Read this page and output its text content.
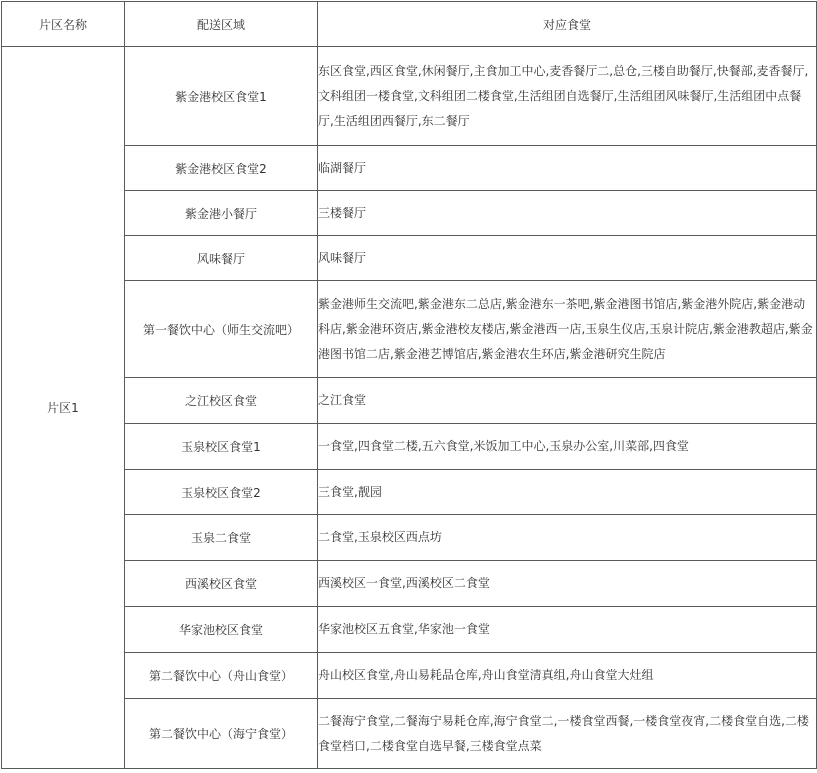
片区名称	配送区域	对应食堂
片区1	紫金港校区食堂1	东区食堂,西区食堂,休闲餐厅,主食加工中心,麦香餐厅二,总仓,三楼自助餐厅,快餐部,麦香餐厅,文科组团一楼食堂,文科组团二楼食堂,生活组团自选餐厅,生活组团风味餐厅,生活组团中点餐厅,生活组团西餐厅,东二餐厅
	紫金港校区食堂2	临湖餐厅
	紫金港小餐厅	三楼餐厅
	风味餐厅	风味餐厅
	第一餐饮中心（师生交流吧）	紫金港师生交流吧,紫金港东二总店,紫金港东一茶吧,紫金港图书馆店,紫金港外院店,紫金港动科店,紫金港环资店,紫金港校友楼店,紫金港西一店,玉泉生仪店,玉泉计院店,紫金港教超店,紫金港图书馆二店,紫金港艺博馆店,紫金港农生环店,紫金港研究生院店
	之江校区食堂	之江食堂
	玉泉校区食堂1	一食堂,四食堂二楼,五六食堂,米饭加工中心,玉泉办公室,川菜部,四食堂
	玉泉校区食堂2	三食堂,靓园
	玉泉二食堂	二食堂,玉泉校区西点坊
	西溪校区食堂	西溪校区一食堂,西溪校区二食堂
	华家池校区食堂	华家池校区五食堂,华家池一食堂
	第二餐饮中心（舟山食堂）	舟山校区食堂,舟山易耗品仓库,舟山食堂清真组,舟山食堂大灶组
	第二餐饮中心（海宁食堂）	二餐海宁食堂,二餐海宁易耗仓库,海宁食堂二,一楼食堂西餐,一楼食堂夜宵,二楼食堂自选,二楼食堂档口,二楼食堂自选早餐,三楼食堂点菜
